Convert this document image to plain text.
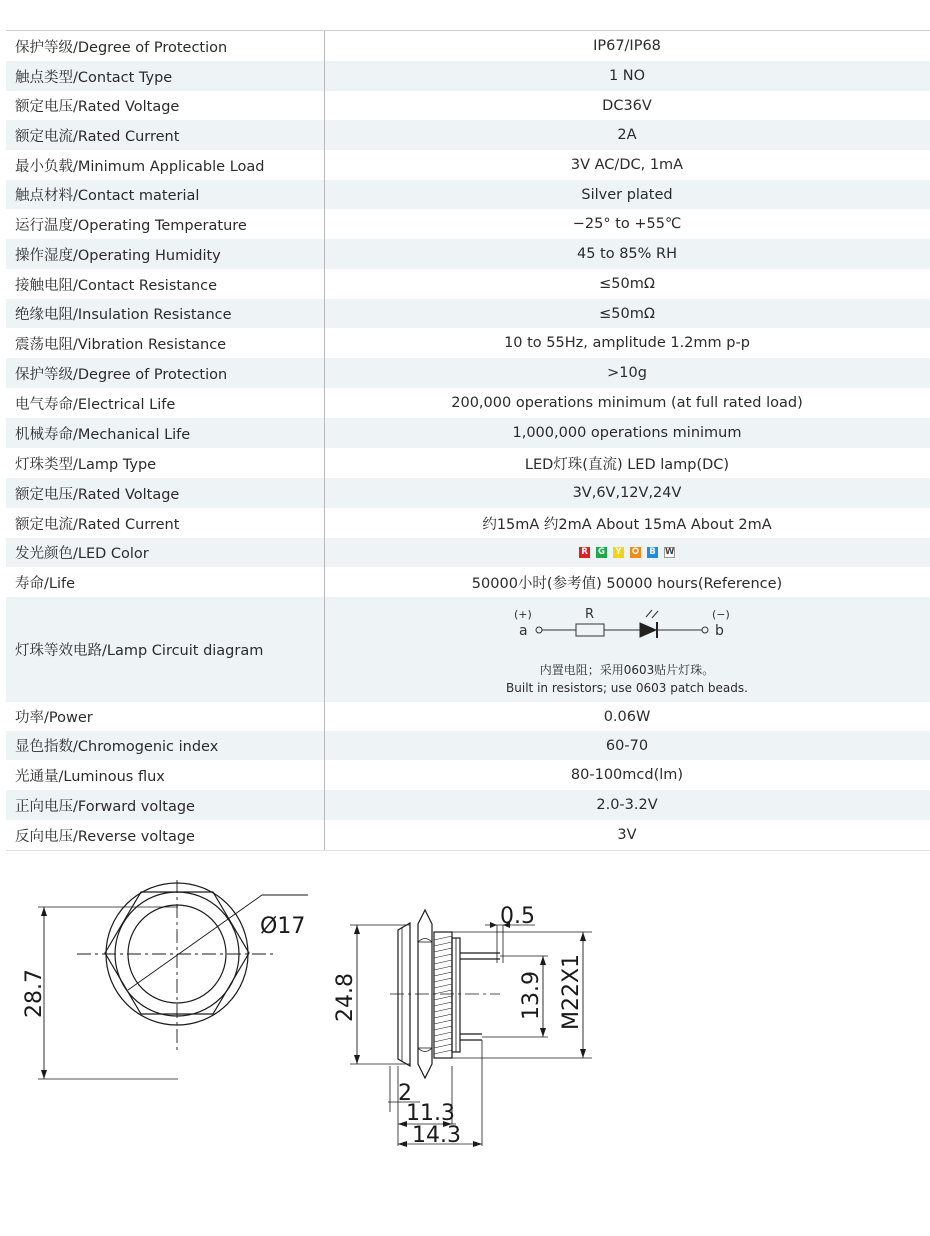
保护等级/Degree of Protection	IP67/IP68
触点类型/Contact Type	1 NO
额定电压/Rated Voltage	DC36V
额定电流/Rated Current	2A
最小负载/Minimum Applicable Load	3V AC/DC, 1mA
触点材料/Contact material	Silver plated
运行温度/Operating Temperature	−25° to +55℃
操作湿度/Operating Humidity	45 to 85% RH
接触电阻/Contact Resistance	≤50mΩ
绝缘电阻/Insulation Resistance	≤50mΩ
震荡电阻/Vibration Resistance	10 to 55Hz, amplitude 1.2mm p-p
保护等级/Degree of Protection	>10g
电气寿命/Electrical Life	200,000 operations minimum (at full rated load)
机械寿命/Mechanical Life	1,000,000 operations minimum
灯珠类型/Lamp Type	LED灯珠(直流) LED lamp(DC)
额定电压/Rated Voltage	3V,6V,12V,24V
额定电流/Rated Current	约15mA 约2mA About 15mA About 2mA
发光颜色/LED Color	R G Y O B W
寿命/Life	50000小时(参考值) 50000 hours(Reference)
灯珠等效电路/Lamp Circuit diagram
(+)
a
R	(−)
b
内置电阻；采用0603贴片灯珠。
Built in resistors; use 0603 patch beads.
功率/Power	0.06W
显色指数/Chromogenic index	60-70
光通量/Luminous flux	80-100mcd(lm)
正向电压/Forward voltage	2.0-3.2V
反向电压/Reverse voltage	3V
Ø17
28.7	24.8
0.5
13.9 M22X1
2
11.3
14.3
